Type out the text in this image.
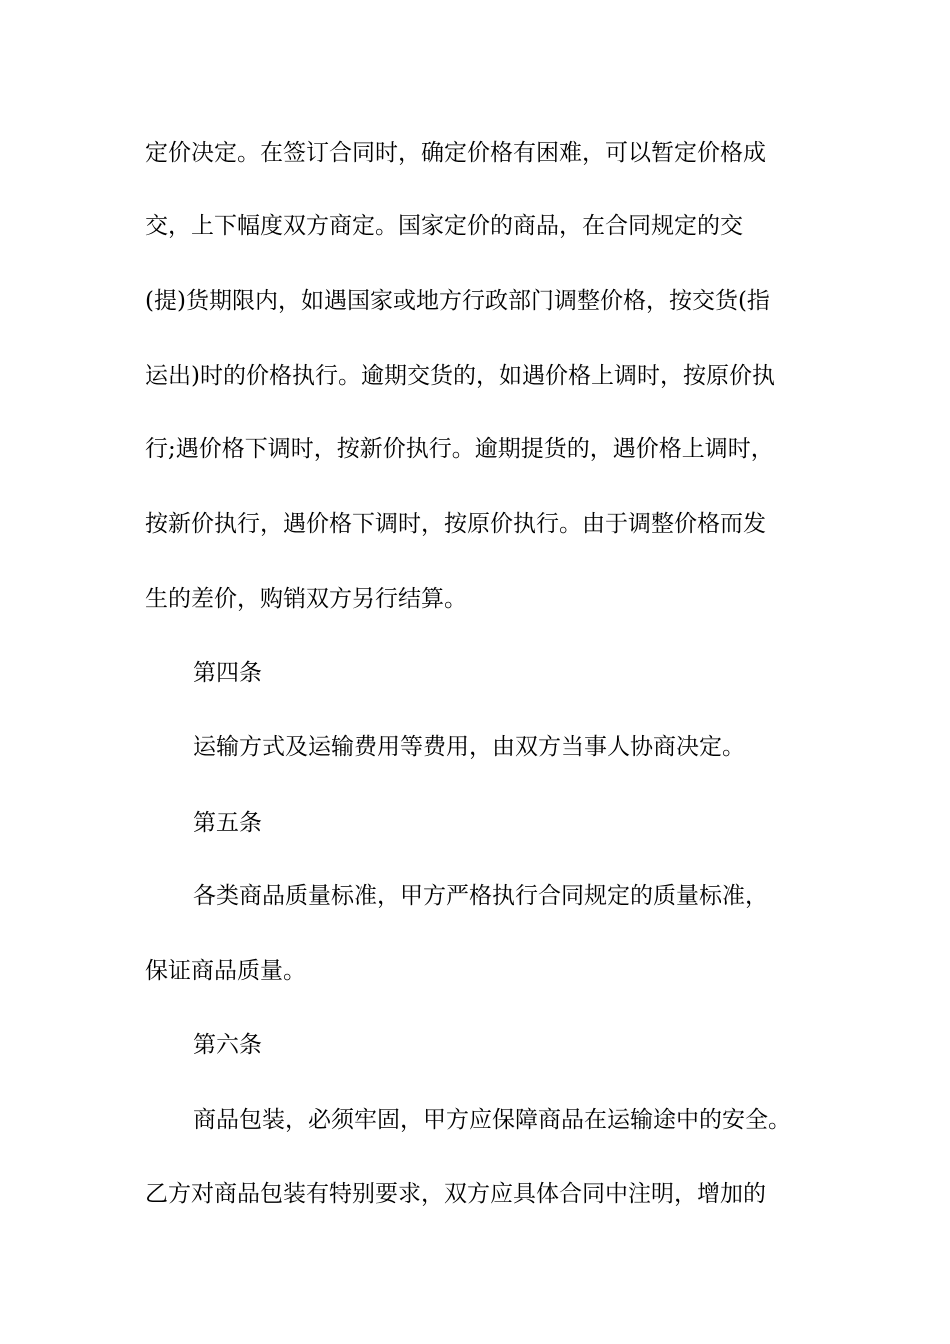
定价决定。在签订合同时，确定价格有困难，可以暂定价格成

交，上下幅度双方商定。国家定价的商品，在合同规定的交

(提)货期限内，如遇国家或地方行政部门调整价格，按交货(指

运出)时的价格执行。逾期交货的，如遇价格上调时，按原价执

行;遇价格下调时，按新价执行。逾期提货的，遇价格上调时，

按新价执行，遇价格下调时，按原价执行。由于调整价格而发

生的差价，购销双方另行结算。

第四条

运输方式及运输费用等费用，由双方当事人协商决定。

第五条

各类商品质量标准，甲方严格执行合同规定的质量标准，

保证商品质量。

第六条

商品包装，必须牢固，甲方应保障商品在运输途中的安全。

乙方对商品包装有特别要求，双方应具体合同中注明，增加的
